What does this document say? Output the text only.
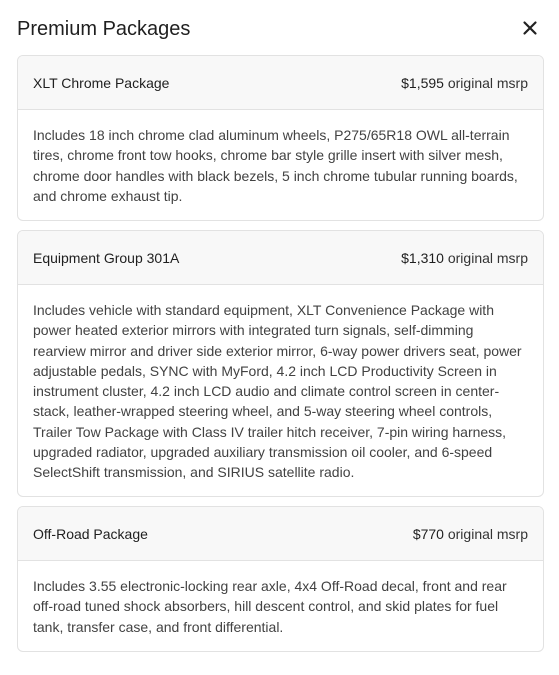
Premium Packages
XLT Chrome Package	$1,595 original msrp

Includes 18 inch chrome clad aluminum wheels, P275/65R18 OWL all-terrain tires, chrome front tow hooks, chrome bar style grille insert with silver mesh, chrome door handles with black bezels, 5 inch chrome tubular running boards, and chrome exhaust tip.

Equipment Group 301A	$1,310 original msrp

Includes vehicle with standard equipment, XLT Convenience Package with power heated exterior mirrors with integrated turn signals, self-dimming rearview mirror and driver side exterior mirror, 6-way power drivers seat, power adjustable pedals, SYNC with MyFord, 4.2 inch LCD Productivity Screen in instrument cluster, 4.2 inch LCD audio and climate control screen in center-stack, leather-wrapped steering wheel, and 5-way steering wheel controls, Trailer Tow Package with Class IV trailer hitch receiver, 7-pin wiring harness, upgraded radiator, upgraded auxiliary transmission oil cooler, and 6-speed SelectShift transmission, and SIRIUS satellite radio.

Off-Road Package	$770 original msrp

Includes 3.55 electronic-locking rear axle, 4x4 Off-Road decal, front and rear off-road tuned shock absorbers, hill descent control, and skid plates for fuel tank, transfer case, and front differential.
